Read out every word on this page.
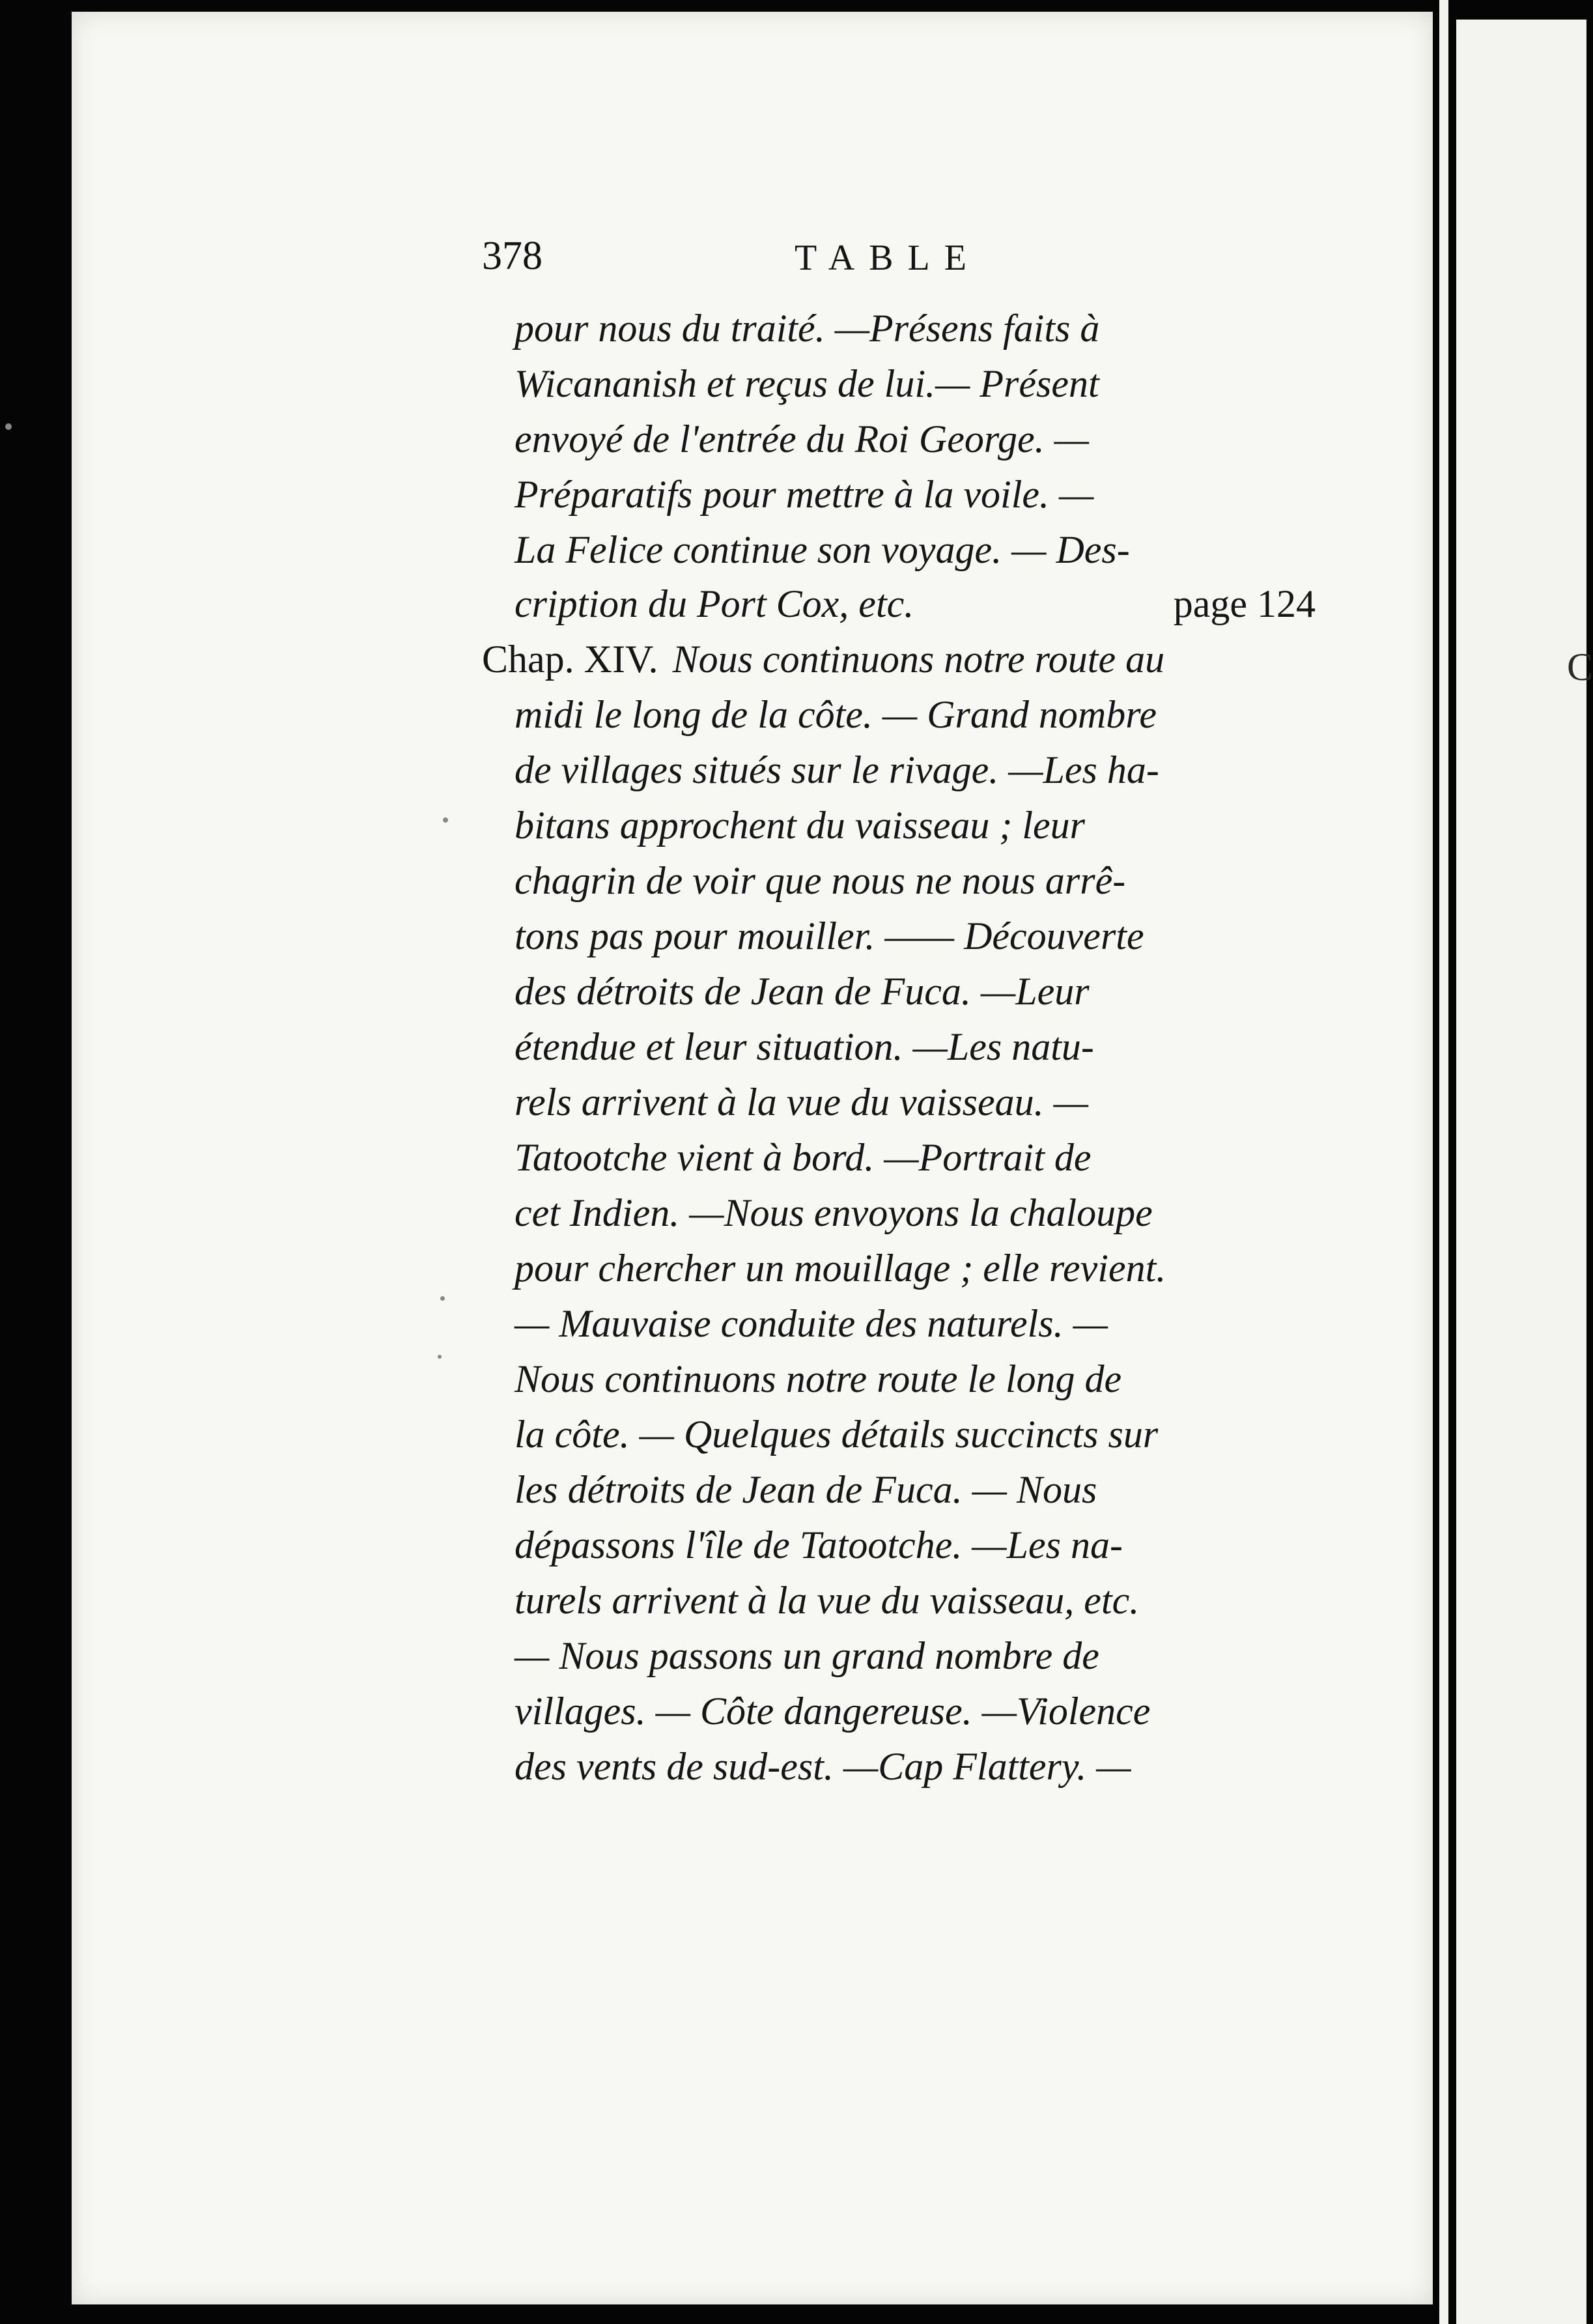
C
378	TABLE
pour nous du traité. —Présens faits à
Wicananish et reçus de lui.— Présent
envoyé de l'entrée du Roi George. —
Préparatifs pour mettre à la voile. —
La Felice continue son voyage. — Des-
cription du Port Cox, etc.	page 124
Chap. XIV. Nous continuons notre route au
midi le long de la côte. — Grand nombre
de villages situés sur le rivage. —Les ha-
bitans approchent du vaisseau ; leur
chagrin de voir que nous ne nous arrê-
tons pas pour mouiller. —— Découverte
des détroits de Jean de Fuca. —Leur
étendue et leur situation. —Les natu-
rels arrivent à la vue du vaisseau. —
Tatootche vient à bord. —Portrait de
cet Indien. —Nous envoyons la chaloupe
pour chercher un mouillage ; elle revient.
— Mauvaise conduite des naturels. —
Nous continuons notre route le long de
la côte. — Quelques détails succincts sur
les détroits de Jean de Fuca. — Nous
dépassons l'île de Tatootche. —Les na-
turels arrivent à la vue du vaisseau, etc.
— Nous passons un grand nombre de
villages. — Côte dangereuse. —Violence
des vents de sud-est. —Cap Flattery. —
